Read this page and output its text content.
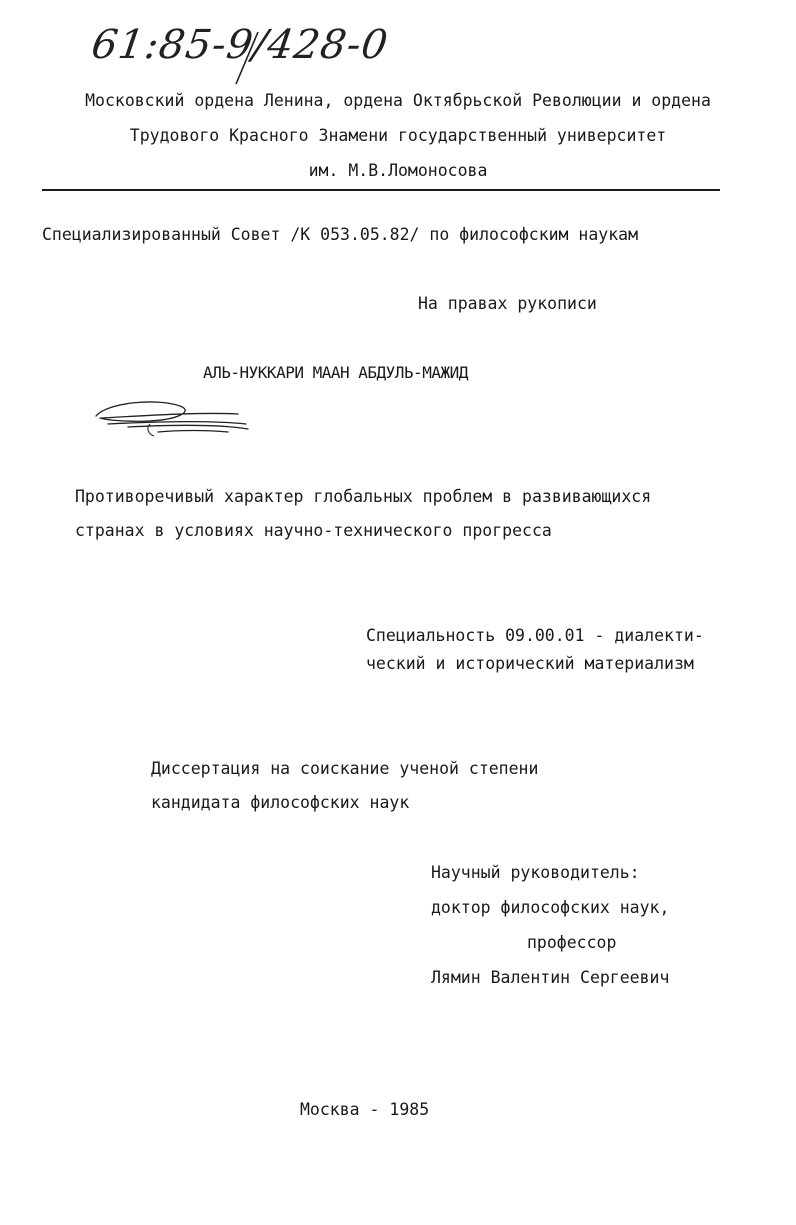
61:85-9/428-0
Московский ордена Ленина, ордена Октябрьской Революции и ордена
Трудового Красного Знамени государственный университет
им. М.В.Ломоносова
Специализированный Совет /К 053.05.82/ по философским наукам
На правах рукописи
АЛЬ-НУККАРИ МААН АБДУЛЬ-МАЖИД
Противоречивый характер глобальных проблем в развивающихся
странах в условиях научно-технического прогресса
Специальность 09.00.01 - диалекти-
ческий и исторический материализм
Диссертация на соискание ученой степени
кандидата философских наук
Научный руководитель:
доктор философских наук,
профессор
Лямин Валентин Сергеевич
Москва - 1985
